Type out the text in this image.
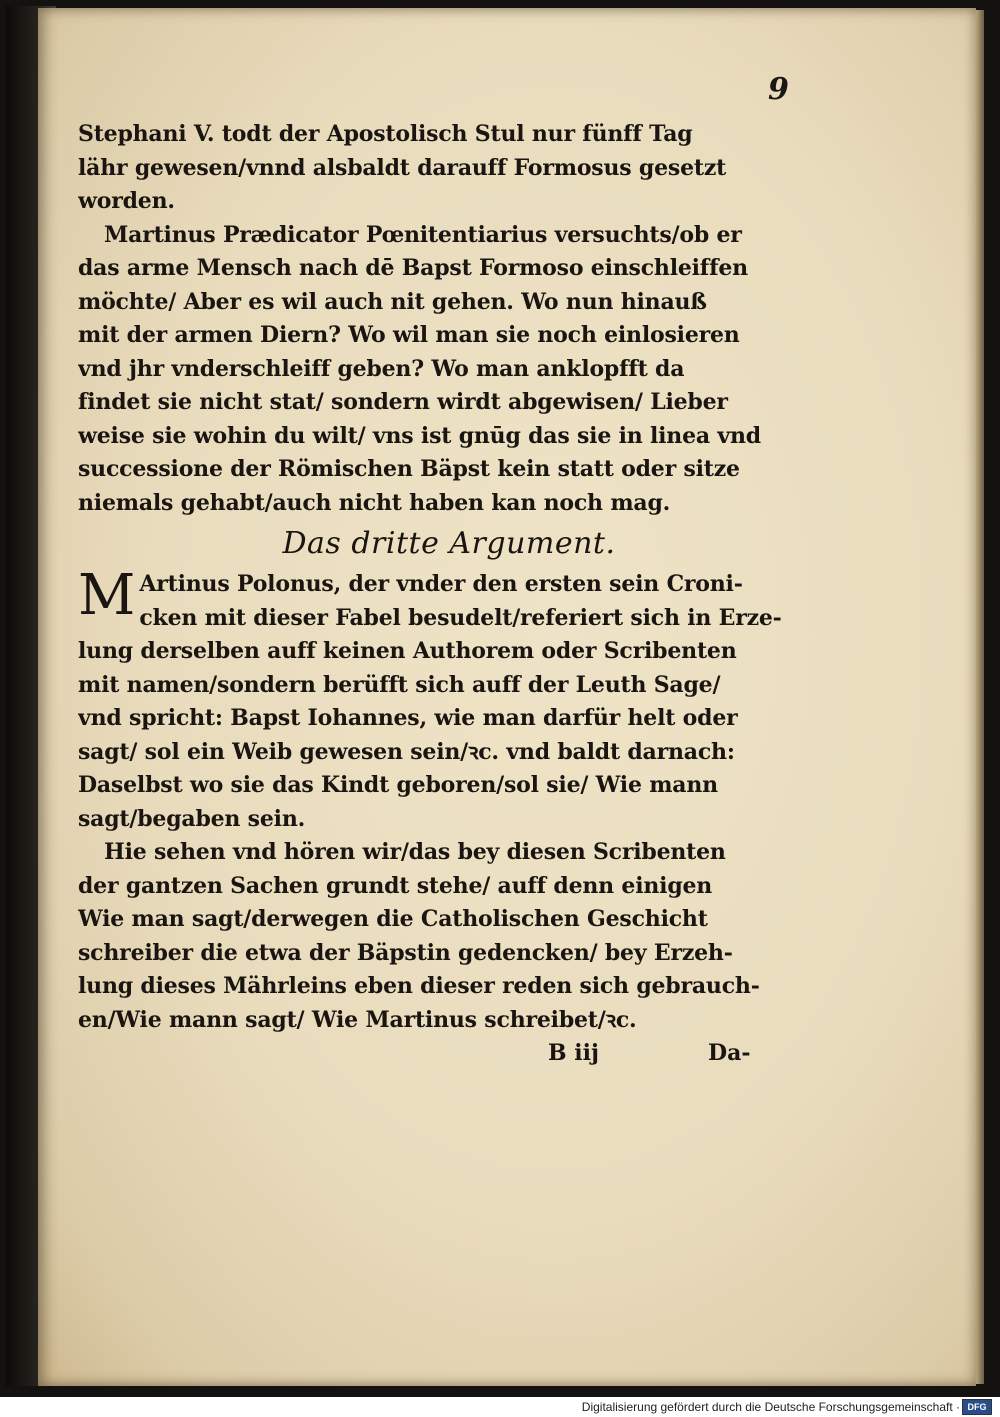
9
Stephani V. todt der Apostolisch Stul nur fünff Tag
lähr gewesen/vnnd alsbaldt darauff Formosus gesetzt
worden.
Martinus Prædicator Pœnitentiarius versuchts/ob er
das arme Mensch nach dē Bapst Formoso einschleiffen
möchte/ Aber es wil auch nit gehen. Wo nun hinauß
mit der armen Diern? Wo wil man sie noch einlosieren
vnd jhr vnderschleiff geben? Wo man anklopfft da
findet sie nicht stat/ sondern wirdt abgewisen/ Lieber
weise sie wohin du wilt/ vns ist gnūg das sie in linea vnd
successione der Römischen Bäpst kein statt oder sitze
niemals gehabt/auch nicht haben kan noch mag.
Das dritte Argument.
M Artinus Polonus, der vnder den ersten sein Croni-
cken mit dieser Fabel besudelt/referiert sich in Erze-
lung derselben auff keinen Authorem oder Scribenten
mit namen/sondern berüfft sich auff der Leuth Sage/
vnd spricht: Bapst Iohannes, wie man darfür helt oder
sagt/ sol ein Weib gewesen sein/ꝛc. vnd baldt darnach:
Daselbst wo sie das Kindt geboren/sol sie/ Wie mann
sagt/begaben sein.
Hie sehen vnd hören wir/das bey diesen Scribenten
der gantzen Sachen grundt stehe/ auff denn einigen
Wie man sagt/derwegen die Catholischen Geschicht
schreiber die etwa der Bäpstin gedencken/ bey Erzeh-
lung dieses Mährleins eben dieser reden sich gebrauch-
en/Wie mann sagt/ Wie Martinus schreibet/ꝛc.
B iij	Da-
Digitalisierung gefördert durch die Deutsche Forschungsgemeinschaft · DFG
